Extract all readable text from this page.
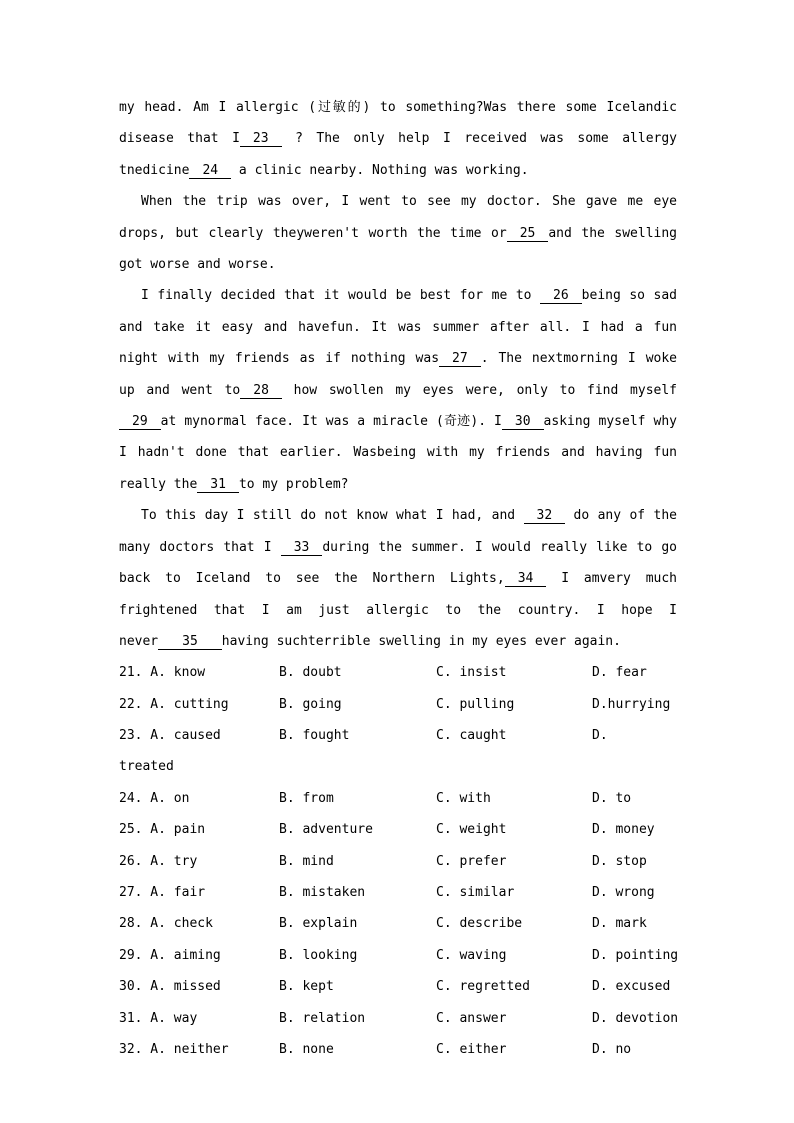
my head. Am I allergic (过敏的) to something?Was there some Icelandic disease that I 23 ? The only help I received was some allergy tnedicine 24 a clinic nearby. Nothing was working.

When the trip was over, I went to see my doctor. She gave me eye drops, but clearly theyweren't worth the time or 25 and the swelling got worse and worse.

I finally decided that it would be best for me to 26 being so sad and take it easy and havefun. It was summer after all. I had a fun night with my friends as if nothing was 27 . The nextmorning I woke up and went to 28 how swollen my eyes were, only to find myself 29 at mynormal face. It was a miracle (奇迹). I 30 asking myself why I hadn't done that earlier. Wasbeing with my friends and having fun really the 31 to my problem?

To this day I still do not know what I had, and 32 do any of the many doctors that I 33 during the summer. I would really like to go back to Iceland to see the Northern Lights, 34 I amvery much frightened that I am just allergic to the country. I hope I never 35 having suchterrible swelling in my eyes ever again.

21. A. know	B. doubt	C. insist	D. fear
22. A. cutting	B. going	C. pulling	D.hurrying
23. A. caused	B. fought	C. caught	D.
treated
24. A. on	B. from	C. with	D. to
25. A. pain	B. adventure	C. weight	D. money
26. A. try	B. mind	C. prefer	D. stop
27. A. fair	B. mistaken	C. similar	D. wrong
28. A. check	B. explain	C. describe	D. mark
29. A. aiming	B. looking	C. waving	D. pointing
30. A. missed	B. kept	C. regretted	D. excused
31. A. way	B. relation	C. answer	D. devotion
32. A. neither	B. none	C. either	D. no
